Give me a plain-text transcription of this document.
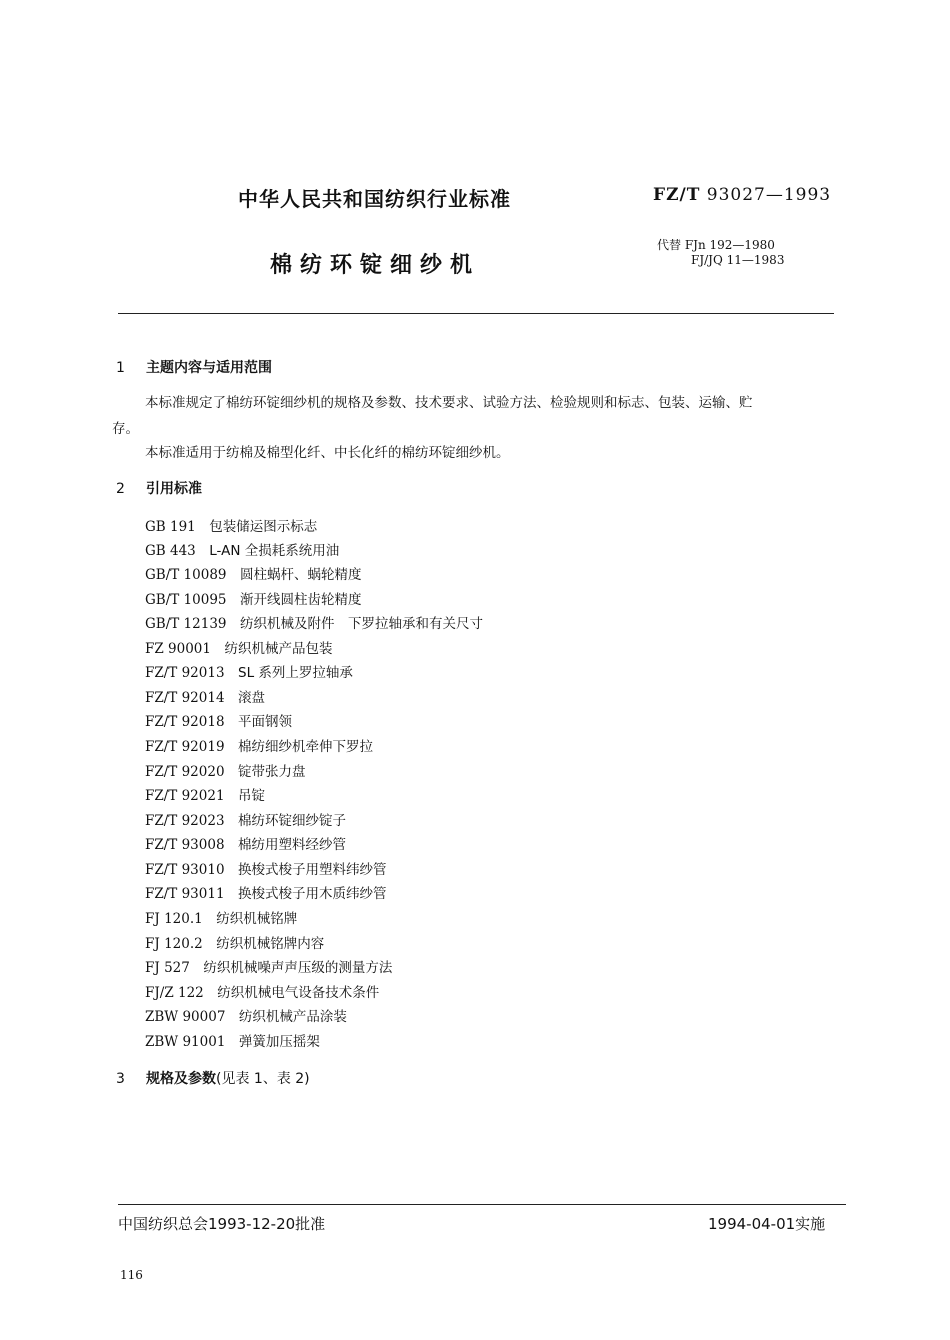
中华人民共和国纺织行业标准	FZ/T 93027—1993
棉纺环锭细纱机
代替 FJn 192—1980
FJ/JQ 11—1983
1 主题内容与适用范围
本标准规定了棉纺环锭细纱机的规格及参数、技术要求、试验方法、检验规则和标志、包装、运输、贮
存。
本标准适用于纺棉及棉型化纤、中长化纤的棉纺环锭细纱机。
2 引用标准
GB 191　 包装储运图示标志
GB 443　 L-AN 全损耗系统用油
GB/T 10089　 圆柱蜗杆、蜗轮精度
GB/T 10095　 渐开线圆柱齿轮精度
GB/T 12139　 纺织机械及附件　下罗拉轴承和有关尺寸
FZ 90001　 纺织机械产品包装
FZ/T 92013　 SL 系列上罗拉轴承
FZ/T 92014　 滚盘
FZ/T 92018　 平面钢领
FZ/T 92019　 棉纺细纱机牵伸下罗拉
FZ/T 92020　 锭带张力盘
FZ/T 92021　 吊锭
FZ/T 92023　 棉纺环锭细纱锭子
FZ/T 93008　 棉纺用塑料经纱管
FZ/T 93010　 换梭式梭子用塑料纬纱管
FZ/T 93011　 换梭式梭子用木质纬纱管
FJ 120.1　 纺织机械铭牌
FJ 120.2　 纺织机械铭牌内容
FJ 527　 纺织机械噪声声压级的测量方法
FJ/Z 122　 纺织机械电气设备技术条件
ZBW 90007　 纺织机械产品涂装
ZBW 91001　 弹簧加压摇架
3 规格及参数(见表 1、表 2)
中国纺织总会1993-12-20批准	1994-04-01实施
116
